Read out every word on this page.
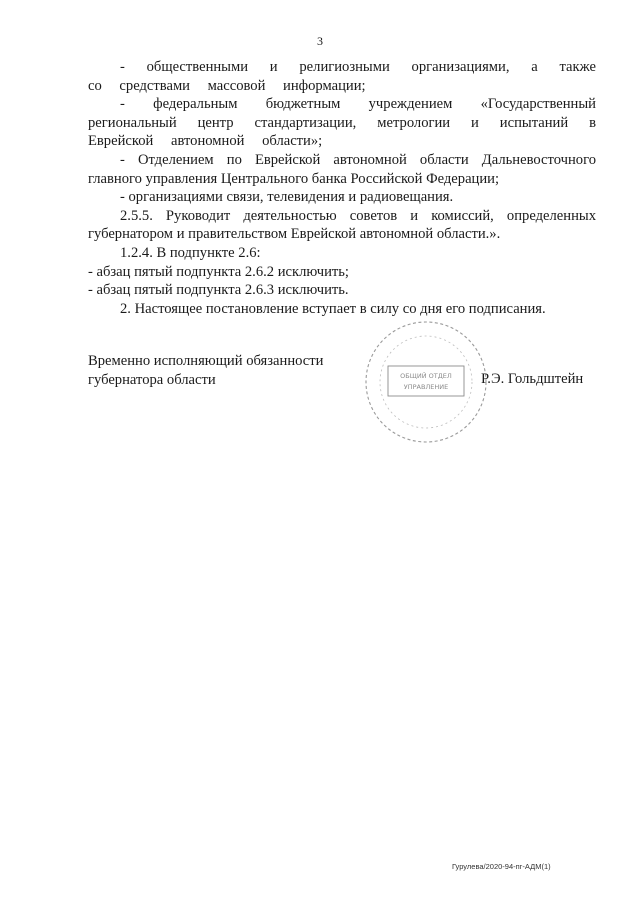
3

- общественными и религиозными организациями, а также со средствами массовой информации;

- федеральным бюджетным учреждением «Государственный региональный центр стандартизации, метрологии и испытаний в Еврейской автономной области»;

- Отделением по Еврейской автономной области Дальневосточного главного управления Центрального банка Российской Федерации;

- организациями связи, телевидения и радиовещания.

2.5.5. Руководит деятельностью советов и комиссий, определенных губернатором и правительством Еврейской автономной области.».

1.2.4. В подпункте 2.6:

- абзац пятый подпункта 2.6.2 исключить;

- абзац пятый подпункта 2.6.3 исключить.

2. Настоящее постановление вступает в силу со дня его подписания.

Временно исполняющий обязанности
губернатора области	ОБЩИЙ ОТДЕЛ
УПРАВЛЕНИЕ Р.Э. Гольдштейн
Гурулева/2020-94-пг-АДМ(1)
